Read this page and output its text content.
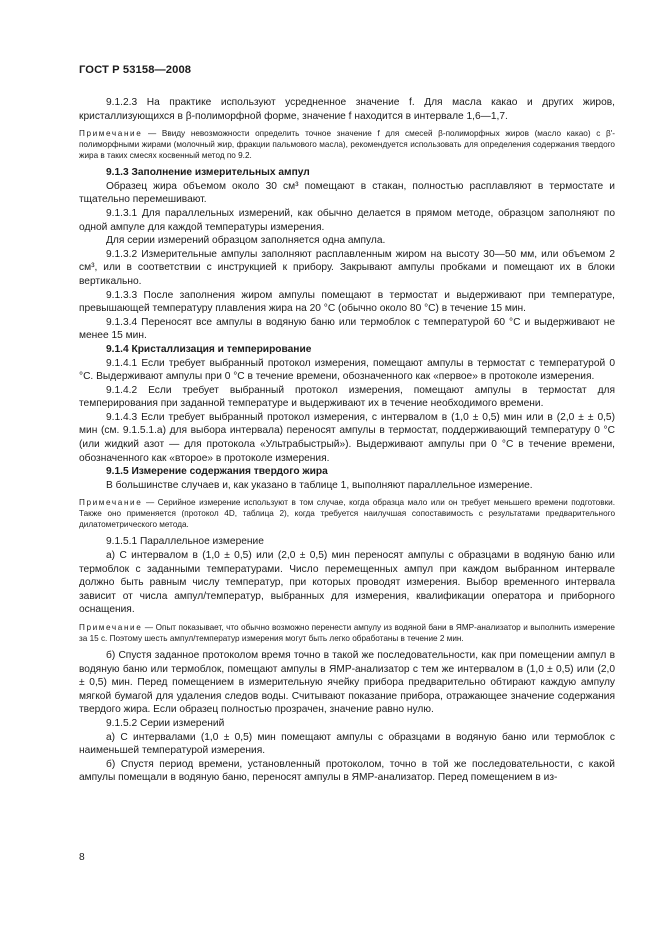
ГОСТ Р 53158—2008

9.1.2.3 На практике используют усредненное значение f. Для масла какао и других жиров, кристаллизующихся в β-полиморфной форме, значение f находится в интервале 1,6—1,7.

Примечание — Ввиду невозможности определить точное значение f для смесей β-полиморфных жиров (масло какао) с β'-полиморфными жирами (молочный жир, фракции пальмового масла), рекомендуется использовать для определения содержания твердого жира в таких смесях косвенный метод по 9.2.

9.1.3 Заполнение измерительных ампул

Образец жира объемом около 30 см³ помещают в стакан, полностью расплавляют в термостате и тщательно перемешивают.

9.1.3.1 Для параллельных измерений, как обычно делается в прямом методе, образцом заполняют по одной ампуле для каждой температуры измерения.

Для серии измерений образцом заполняется одна ампула.

9.1.3.2 Измерительные ампулы заполняют расплавленным жиром на высоту 30—50 мм, или объемом 2 см³, или в соответствии с инструкцией к прибору. Закрывают ампулы пробками и помещают их в блоки вертикально.

9.1.3.3 После заполнения жиром ампулы помещают в термостат и выдерживают при температуре, превышающей температуру плавления жира на 20 °С (обычно около 80 °С) в течение 15 мин.

9.1.3.4 Переносят все ампулы в водяную баню или термоблок с температурой 60 °С и выдерживают не менее 15 мин.

9.1.4 Кристаллизация и темперирование

9.1.4.1 Если требует выбранный протокол измерения, помещают ампулы в термостат с температурой 0 °С. Выдерживают ампулы при 0 °С в течение времени, обозначенного как «первое» в протоколе измерения.

9.1.4.2 Если требует выбранный протокол измерения, помещают ампулы в термостат для темперирования при заданной температуре и выдерживают их в течение необходимого времени.

9.1.4.3 Если требует выбранный протокол измерения, с интервалом в (1,0 ± 0,5) мин или в (2,0 ± ± 0,5) мин (см. 9.1.5.1.а) для выбора интервала) переносят ампулы в термостат, поддерживающий температуру 0 °С (или жидкий азот — для протокола «Ультрабыстрый»). Выдерживают ампулы при 0 °С в течение времени, обозначенного как «второе» в протоколе измерения.

9.1.5 Измерение содержания твердого жира

В большинстве случаев и, как указано в таблице 1, выполняют параллельное измерение.

Примечание — Серийное измерение используют в том случае, когда образца мало или он требует меньшего времени подготовки. Также оно применяется (протокол 4D, таблица 2), когда требуется наилучшая сопоставимость с результатами предварительного дилатометрического метода.

9.1.5.1 Параллельное измерение

а) С интервалом в (1,0 ± 0,5) или (2,0 ± 0,5) мин переносят ампулы с образцами в водяную баню или термоблок с заданными температурами. Число перемещенных ампул при каждом выбранном интервале должно быть равным числу температур, при которых проводят измерения. Выбор временного интервала зависит от числа ампул/температур, выбранных для измерения, квалификации оператора и приборного оснащения.

Примечание — Опыт показывает, что обычно возможно перенести ампулу из водяной бани в ЯМР-анализатор и выполнить измерение за 15 с. Поэтому шесть ампул/температур измерения могут быть легко обработаны в течение 2 мин.

б) Спустя заданное протоколом время точно в такой же последовательности, как при помещении ампул в водяную баню или термоблок, помещают ампулы в ЯМР-анализатор с тем же интервалом в (1,0 ± 0,5) или (2,0 ± 0,5) мин. Перед помещением в измерительную ячейку прибора предварительно обтирают каждую ампулу мягкой бумагой для удаления следов воды. Считывают показание прибора, отражающее значение содержания твердого жира. Если образец полностью прозрачен, значение равно нулю.

9.1.5.2 Серии измерений

а) С интервалами (1,0 ± 0,5) мин помещают ампулы с образцами в водяную баню или термоблок с наименьшей температурой измерения.

б) Спустя период времени, установленный протоколом, точно в той же последовательности, с какой ампулы помещали в водяную баню, переносят ампулы в ЯМР-анализатор. Перед помещением в из-

8
